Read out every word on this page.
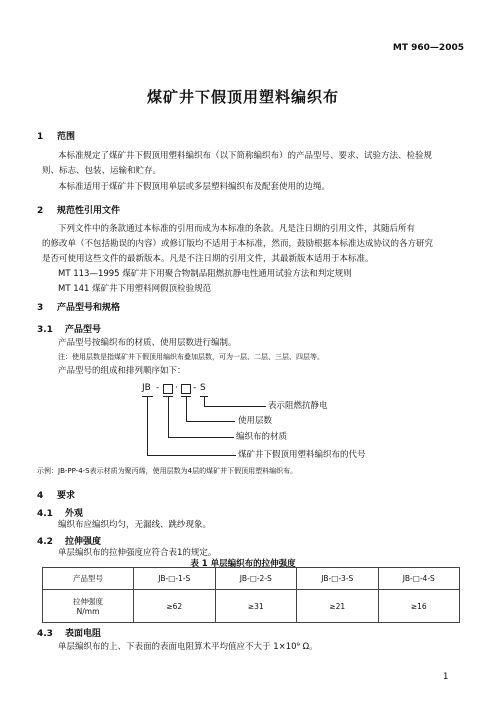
MT 960—2005
煤矿井下假顶用塑料编织布
1 范围
本标准规定了煤矿井下假顶用塑料编织布（以下简称编织布）的产品型号、要求、试验方法、检验规
则、标志、包装、运输和贮存。
本标准适用于煤矿井下假顶用单层或多层塑料编织布及配套使用的边绳。
2 规范性引用文件
下列文件中的条款通过本标准的引用而成为本标准的条款。凡是注日期的引用文件，其随后所有
的修改单（不包括勘误的内容）或修订版均不适用于本标准，然而，鼓励根据本标准达成协议的各方研究
是否可使用这些文件的最新版本。凡是不注日期的引用文件，其最新版本适用于本标准。
MT 113—1995 煤矿井下用聚合物制品阻燃抗静电性通用试验方法和判定规则
MT 141 煤矿井下用塑料网假顶检验规范
3 产品型号和规格
3.1 产品型号
产品型号按编织布的材质、使用层数进行编制。
注：使用层数是指煤矿井下假顶用编织布叠加层数，可为一层、二层、三层、四层等。
产品型号的组成和排列顺序如下：
JB - · - S
表示阻燃抗静电
使用层数
编织布的材质
煤矿井下假顶用塑料编织布的代号
示例：JB-PP-4-S表示材质为聚丙烯，使用层数为4层的煤矿井下假顶用塑料编织布。
4 要求
4.1 外观
编织布应编织均匀，无漏线、跳纱现象。
4.2 拉伸强度
单层编织布的拉伸强度应符合表1的规定。
表 1 单层编织布的拉伸强度
产品型号	JB-□-1-S	JB-□-2-S	JB-□-3-S	JB-□-4-S

拉伸强度
N/mm	≥62	≥31	≥21	≥16
4.3 表面电阻
单层编织布的上、下表面的表面电阻算术平均值应不大于 1×10⁹ Ω。
1
